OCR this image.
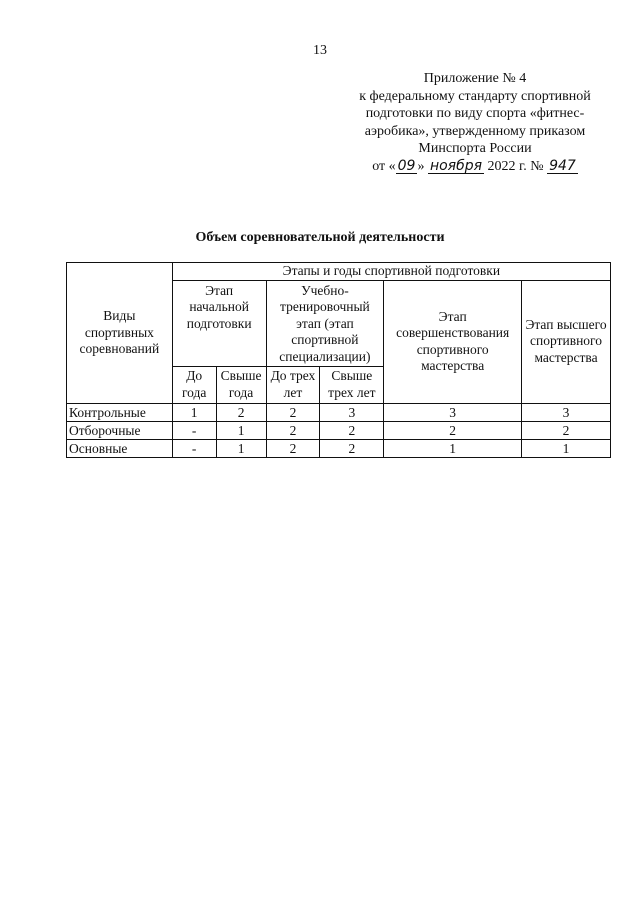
13
Приложение № 4
к федеральному стандарту спортивной
подготовки по виду спорта «фитнес-
аэробика», утвержденному приказом
Минспорта России
от « 09 » ноября 2022 г. № 947
Объем соревновательной деятельности
Виды спортивных соревнований	Этапы и годы спортивной подготовки					
	Этап начальной подготовки		Учебно-тренировочный этап (этап спортивной специализации)		Этап совершенствования спортивного мастерства	Этап высшего спортивного мастерства
	До года	Свыше года	До трех лет	Свыше трех лет		
Контрольные	1	2	2	3	3	3
Отборочные	-	1	2	2	2	2
Основные	-	1	2	2	1	1
